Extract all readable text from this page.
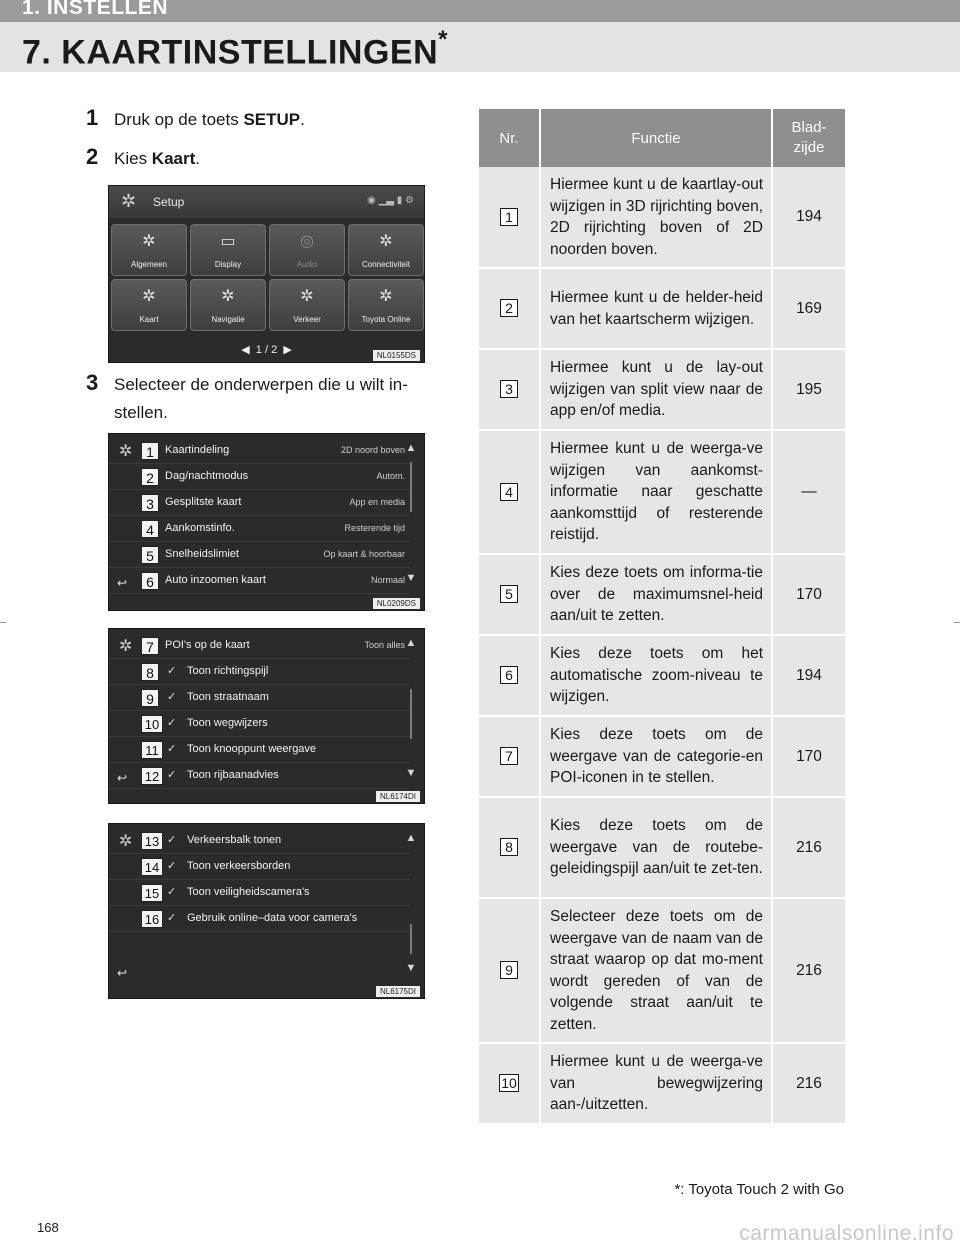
1. INSTELLEN
7. KAARTINSTELLINGEN*
1 Druk op de toets SETUP.
2 Kies Kaart.
3 Selecteer de onderwerpen die u wilt in-stellen.
✲ Setup	◉ ▁▃ ▮ ⚙
✲
Algemeen
▭
Display
◎
Audio
✲
Connectiviteit
✲
Kaart
✲
Navigatie
✲
Verkeer
✲
Toyota Online
◀ 1 / 2 ▶	NL0155DS
✲ 1	Kaartindeling	2D noord boven
2	Dag/nachtmodus	Autom.
3	Gesplitste kaart	App en media
4	Aankomstinfo.	Resterende tijd
5	Snelheidslimiet	Op kaart & hoorbaar
6	Auto inzoomen kaart	Normaal
↩
▲
▼
NL0209DS
✲ 7	POI's op de kaart	Toon alles
8	✓ Toon richtingspijl
9	✓ Toon straatnaam
10 ✓ Toon wegwijzers
11 ✓ Toon knooppunt weergave
12 ✓ Toon rijbaanadvies
↩
▲
▼
NL6174DI
✲ 13 ✓ Verkeersbalk tonen
14 ✓ Toon verkeersborden
15 ✓ Toon veiligheidscamera's
16 ✓ Gebruik online–data voor camera's
↩
▲
▼
NL6175DI
Nr.	Functie	Blad-zijde
1	Hiermee kunt u de kaartlay-out wijzigen in 3D rijrichting boven, 2D rijrichting boven of 2D noorden boven.	194
2	Hiermee kunt u de helder-heid van het kaartscherm wijzigen.	169
3	Hiermee kunt u de lay-out wijzigen van split view naar de app en/of media.	195
4	Hiermee kunt u de weerga-ve wijzigen van aankomst-informatie naar geschatte aankomsttijd of resterende reistijd.	—
5	Kies deze toets om informa-tie over de maximumsnel-heid aan/uit te zetten.	170
6	Kies deze toets om het automatische zoom-niveau te wijzigen.	194
7	Kies deze toets om de weergave van de categorie-en POI-iconen in te stellen.	170
8	Kies deze toets om de weergave van de routebe-geleidingspijl aan/uit te zet-ten.	216
9	Selecteer deze toets om de weergave van de naam van de straat waarop op dat mo-ment wordt gereden of van de volgende straat aan/uit te zetten.	216
10	Hiermee kunt u de weerga-ve van bewegwijzering aan-/uitzetten.	216
*: Toyota Touch 2 with Go
168	carmanualsonline.info
